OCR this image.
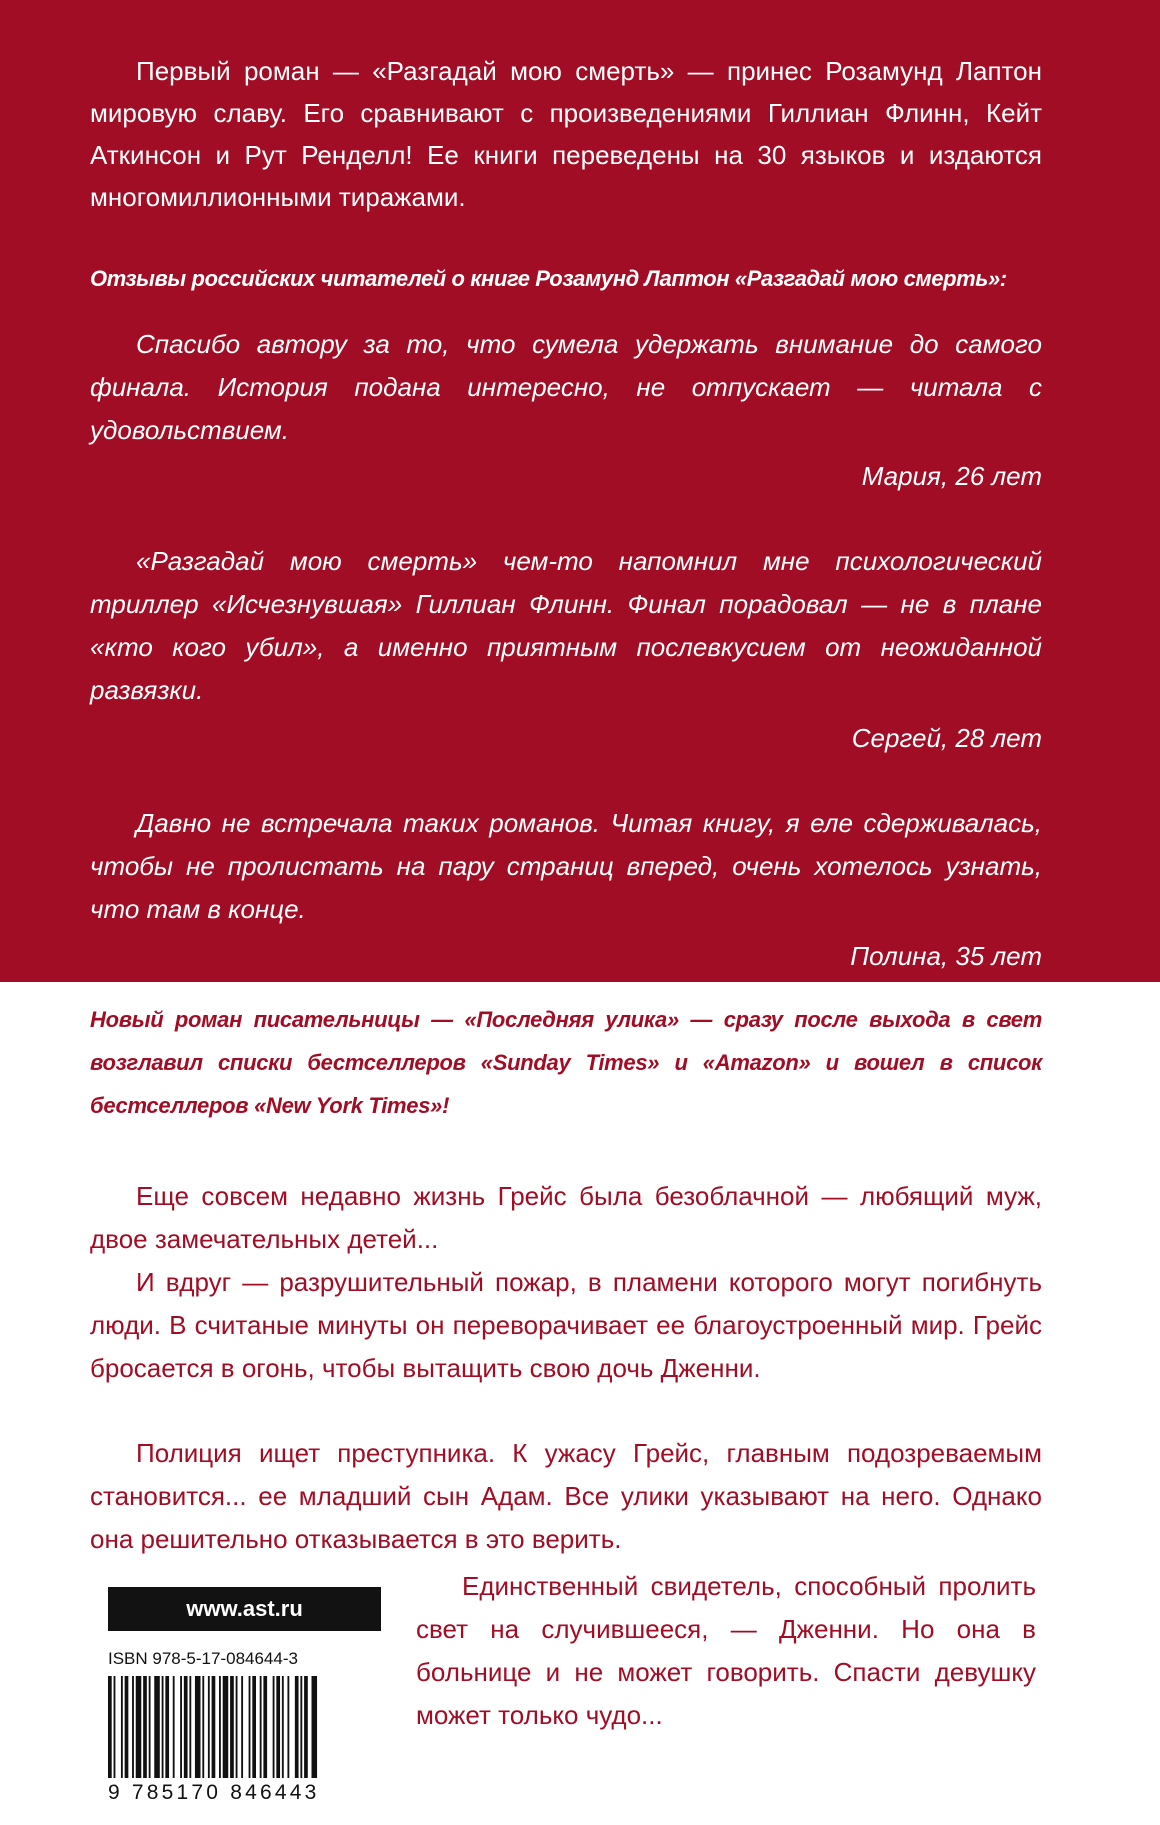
Первый роман — «Разгадай мою смерть» — принес Розамунд Лаптон мировую славу. Его сравнивают с произведениями Гиллиан Флинн, Кейт Аткинсон и Рут Ренделл! Ее книги переведены на 30 языков и издаются многомиллионными тиражами.

Отзывы российских читателей о книге Розамунд Лаптон «Разгадай мою смерть»:

Спасибо автору за то, что сумела удержать внимание до самого финала. История подана интересно, не отпускает — читала с удовольствием.

Мария, 26 лет

«Разгадай мою смерть» чем-то напомнил мне психологический триллер «Исчезнувшая» Гиллиан Флинн. Финал порадовал — не в плане «кто кого убил», а именно приятным послевкусием от неожиданной развязки.

Сергей, 28 лет

Давно не встречала таких романов. Читая книгу, я еле сдерживалась, чтобы не пролистать на пару страниц вперед, очень хотелось узнать, что там в конце.

Полина, 35 лет

Новый роман писательницы — «Последняя улика» — сразу после выхода в свет возглавил списки бестселлеров «Sunday Times» и «Amazon» и вошел в список бестселлеров «New York Times»!

Еще совсем недавно жизнь Грейс была безоблачной — любящий муж, двое замечательных детей...

И вдруг — разрушительный пожар, в пламени которого могут погибнуть люди. В считаные минуты он переворачивает ее благоустроенный мир. Грейс бросается в огонь, чтобы вытащить свою дочь Дженни.

Полиция ищет преступника. К ужасу Грейс, главным подозреваемым становится... ее младший сын Адам. Все улики указывают на него. Однако она решительно отказывается в это верить.

Единственный свидетель, способный пролить свет на случившееся, — Дженни. Но она в больнице и не может говорить. Спасти девушку может только чудо...

www.ast.ru
ISBN 978-5-17-084644-3
9 785170 846443
